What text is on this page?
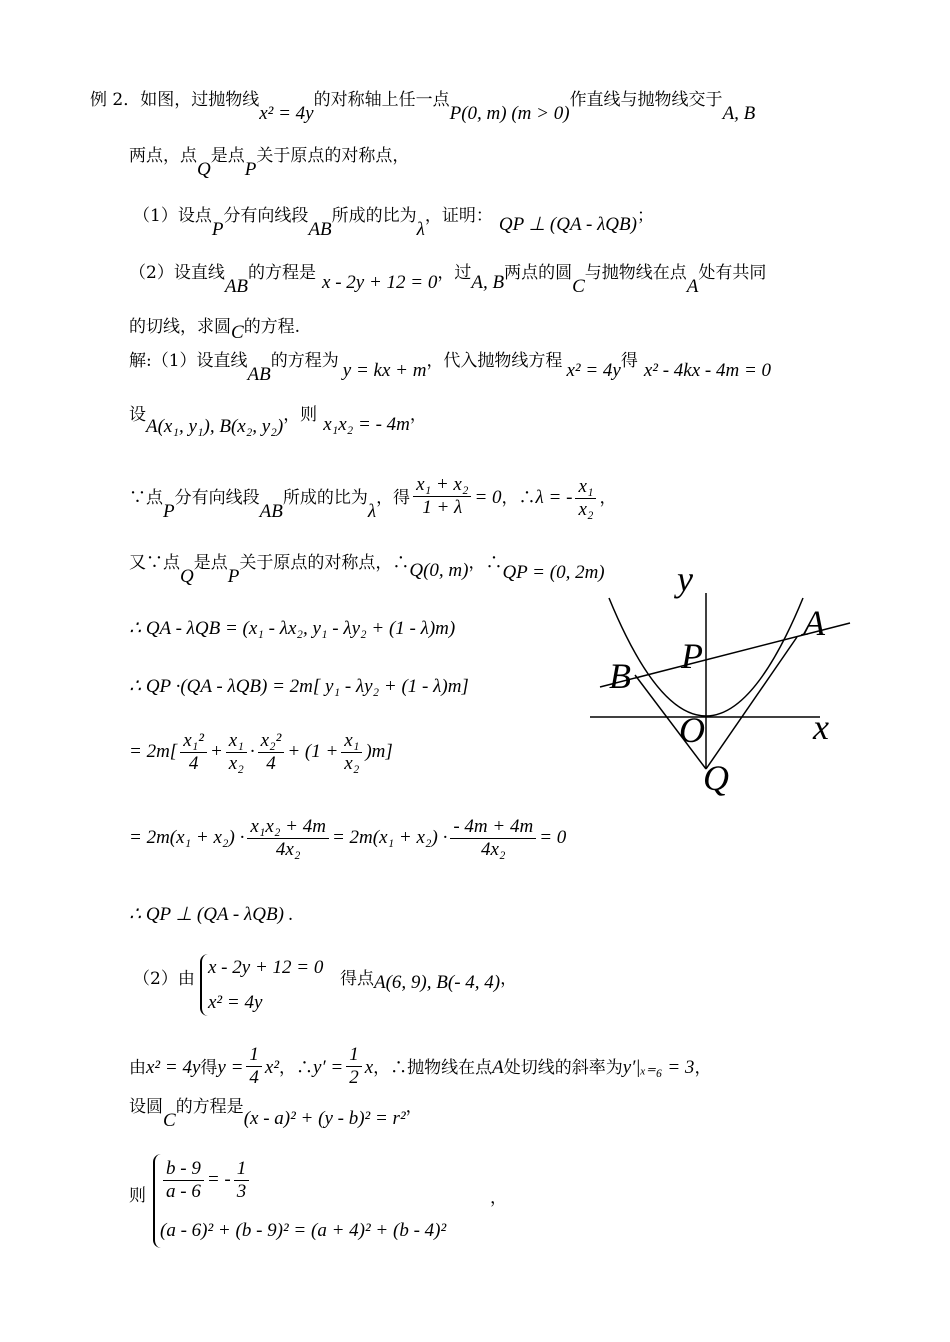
例 2．如图，过抛物线x² = 4y的对称轴上任一点P(0, m) (m > 0)作直线与抛物线交于A, B
两点，点Q是点P关于原点的对称点，
（1）设点P分有向线段AB所成的比为λ，证明： QP ⊥ (QA - λQB)；
（2）设直线AB的方程是 x - 2y + 12 = 0，过A, B两点的圆C与抛物线在点A处有共同
的切线，求圆C的方程.
解:（1）设直线AB的方程为 y = kx + m，代入抛物线方程 x² = 4y得 x² - 4kx - 4m = 0
设A(x₁, y₁), B(x₂, y₂)，则 x₁x₂ = - 4m，
∵点P分有向线段AB所成的比为λ，得 $\frac{\text{x₁ + x₂}}{1 + \lambda} = 0$，∴λ = - $\frac{\text{x₁}}{\text{x₂}}$ ，
又∵点Q是点P关于原点的对称点，∴Q(0, m)，∴QP = (0, 2m)
∴ QA - λQB = (x₁ - λx₂, y₁ - λy₂ + (1 - λ)m)
∴ QP ·(QA - λQB) = 2m[ y₁ - λy₂ + (1 - λ)m]
= $2m[ \frac{\text{x₁²}}{4} + \frac{\text{x₁}}{\text{x₂}} \cdot \frac{\text{x₂²}}{4} + (1 + \frac{\text{x₁}}{\text{x₂}} )m]$
= $2m(x_1 + x_2) \cdot \frac{\text{x₁x₂ + 4m}}{\text{4x₂}} = 2m(x_1 + x_2) \cdot \frac{- 4m + 4m}{\text{4x₂}} = 0$
∴ QP ⊥ (QA - λQB) .
（2）由
x - 2y + 12 = 0
x² = 4y
得点A(6, 9), B(- 4, 4)，
由x² = 4y得$y = \frac{1}{4} x^2$，∴y′ = $\frac{1}{2}$ x，∴抛物线在点A处切线的斜率为y′|ₓ₌₆ = 3，
设圆C的方程是(x - a)² + (y - b)² = r²，
则 $\frac{b - 9}{a - 6}$ = - $\frac{1}{3}$
(a - 6)² + (b - 9)² = (a + 4)² + (b - 4)²
，
y
A
P
B
O	x
Q
